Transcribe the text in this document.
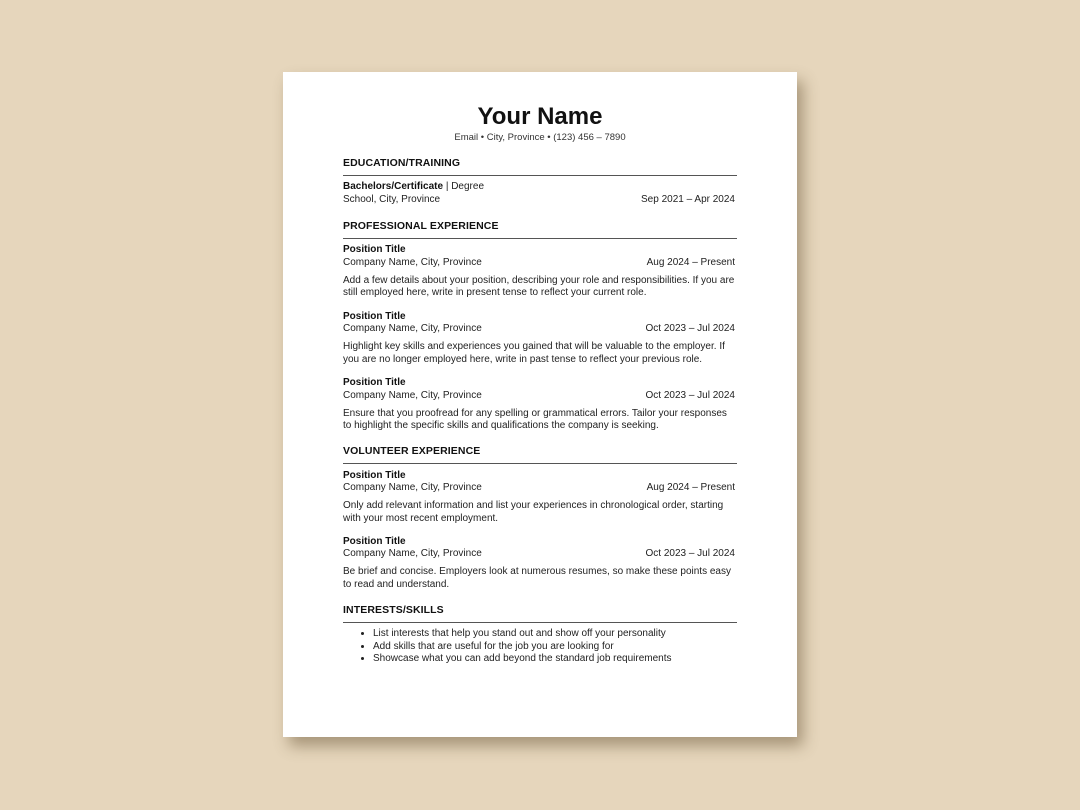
Your Name
Email • City, Province • (123) 456 – 7890
EDUCATION/TRAINING
Bachelors/Certificate | Degree
School, City, Province	Sep 2021 – Apr 2024
PROFESSIONAL EXPERIENCE
Position Title
Company Name, City, Province	Aug 2024 – Present
Add a few details about your position, describing your role and responsibilities. If you are still employed here, write in present tense to reflect your current role.
Position Title
Company Name, City, Province	Oct 2023 – Jul 2024
Highlight key skills and experiences you gained that will be valuable to the employer. If you are no longer employed here, write in past tense to reflect your previous role.
Position Title
Company Name, City, Province	Oct 2023 – Jul 2024
Ensure that you proofread for any spelling or grammatical errors. Tailor your responses to highlight the specific skills and qualifications the company is seeking.
VOLUNTEER EXPERIENCE
Position Title
Company Name, City, Province	Aug 2024 – Present
Only add relevant information and list your experiences in chronological order, starting with your most recent employment.
Position Title
Company Name, City, Province	Oct 2023 – Jul 2024
Be brief and concise. Employers look at numerous resumes, so make these points easy to read and understand.
INTERESTS/SKILLS
• List interests that help you stand out and show off your personality
• Add skills that are useful for the job you are looking for
• Showcase what you can add beyond the standard job requirements
